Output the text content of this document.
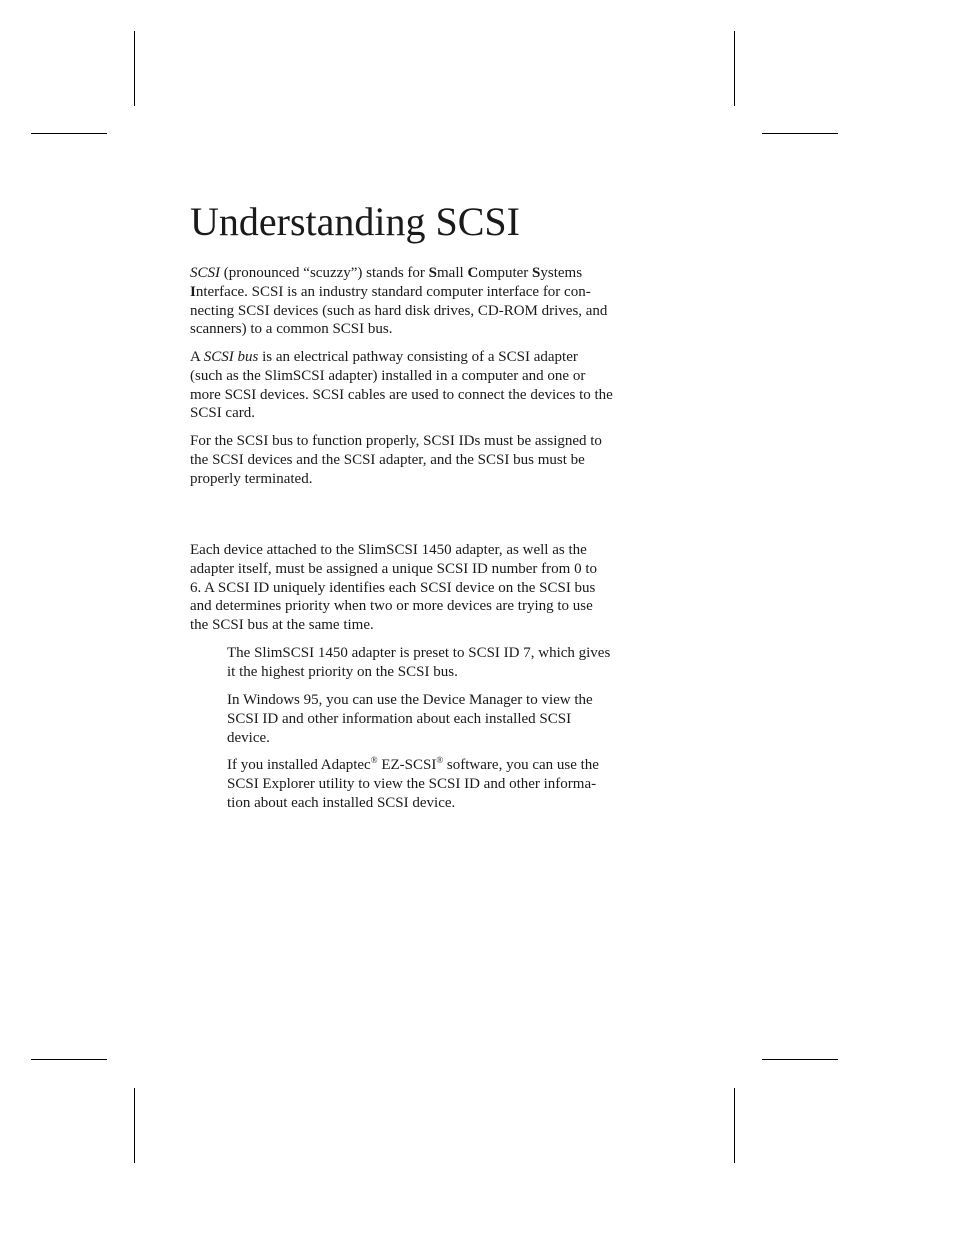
Understanding SCSI
SCSI (pronounced “scuzzy”) stands for Small Computer Systems
Interface. SCSI is an industry standard computer interface for con-
necting SCSI devices (such as hard disk drives, CD-ROM drives, and
scanners) to a common SCSI bus.
A SCSI bus is an electrical pathway consisting of a SCSI adapter
(such as the SlimSCSI adapter) installed in a computer and one or
more SCSI devices. SCSI cables are used to connect the devices to the
SCSI card.
For the SCSI bus to function properly, SCSI IDs must be assigned to
the SCSI devices and the SCSI adapter, and the SCSI bus must be
properly terminated.
Each device attached to the SlimSCSI 1450 adapter, as well as the
adapter itself, must be assigned a unique SCSI ID number from 0 to
6. A SCSI ID uniquely identifies each SCSI device on the SCSI bus
and determines priority when two or more devices are trying to use
the SCSI bus at the same time.
The SlimSCSI 1450 adapter is preset to SCSI ID 7, which gives
it the highest priority on the SCSI bus.
In Windows 95, you can use the Device Manager to view the
SCSI ID and other information about each installed SCSI
device.
If you installed Adaptec® EZ-SCSI® software, you can use the
SCSI Explorer utility to view the SCSI ID and other informa-
tion about each installed SCSI device.
